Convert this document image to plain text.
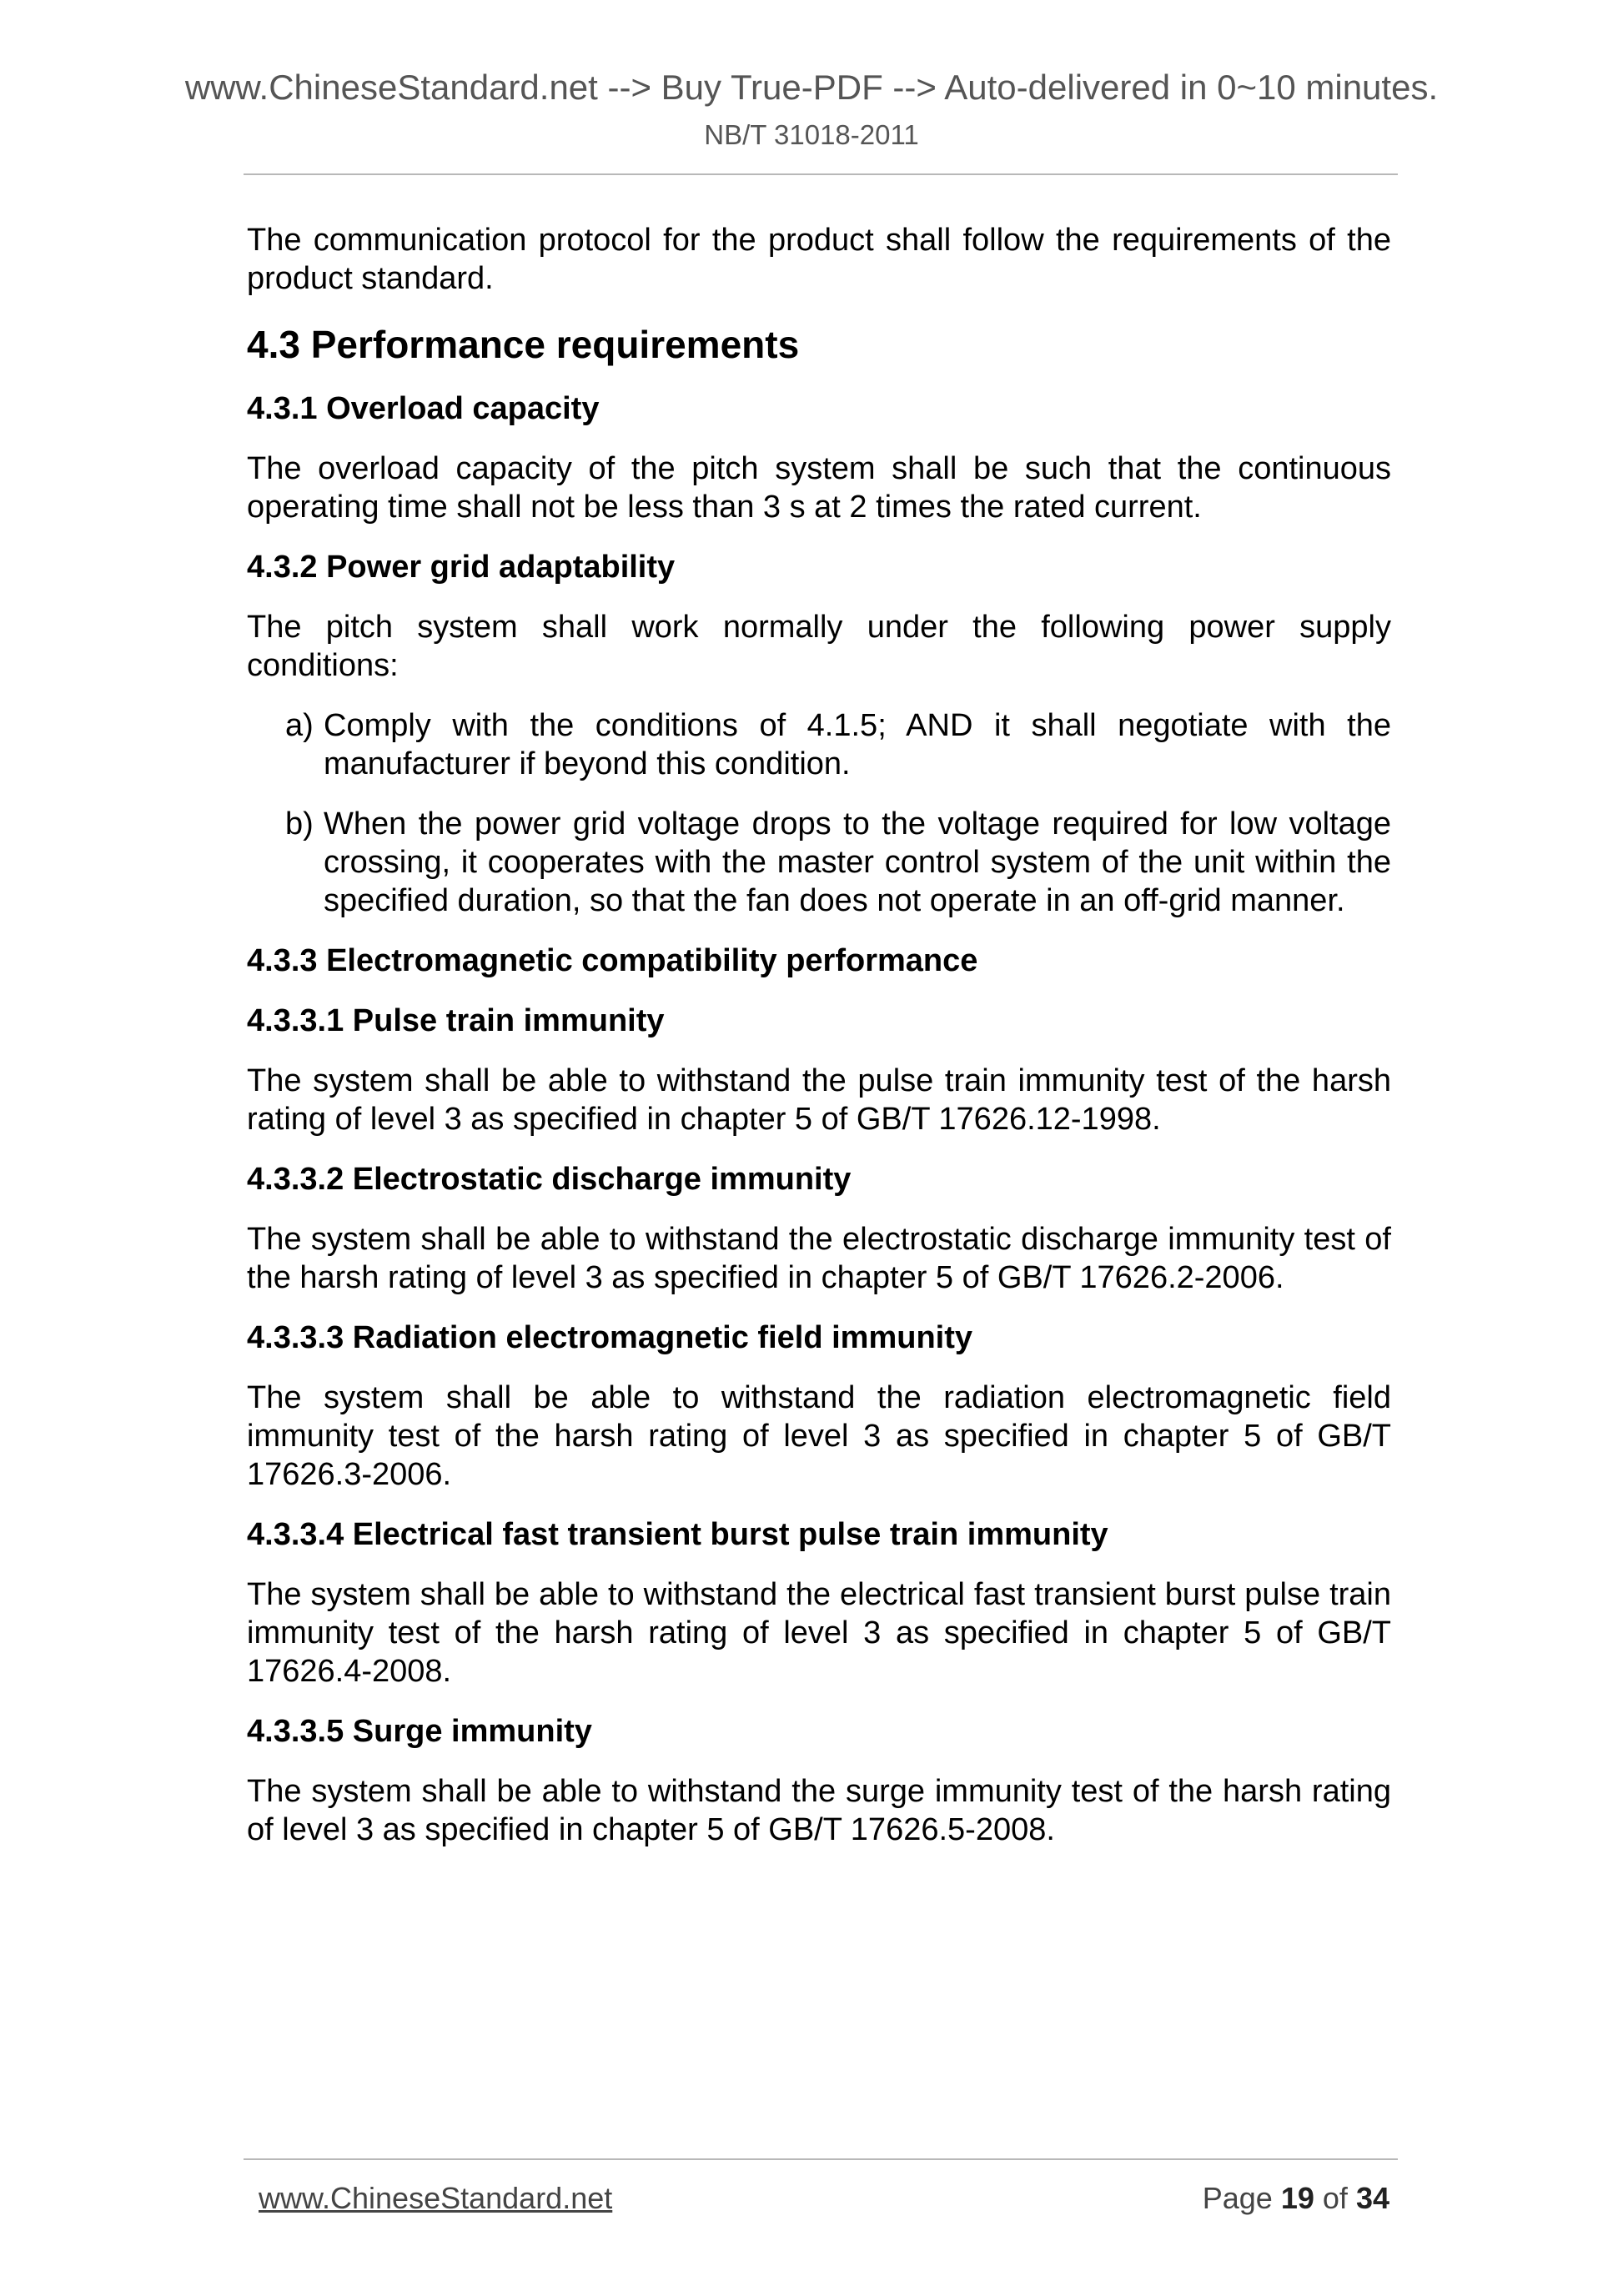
www.ChineseStandard.net --> Buy True-PDF --> Auto-delivered in 0~10 minutes.
NB/T 31018-2011

The communication protocol for the product shall follow the requirements of the product standard.

4.3 Performance requirements
4.3.1 Overload capacity

The overload capacity of the pitch system shall be such that the continuous operating time shall not be less than 3 s at 2 times the rated current.

4.3.2 Power grid adaptability

The pitch system shall work normally under the following power supply conditions:

a) Comply with the conditions of 4.1.5; AND it shall negotiate with the manufacturer if beyond this condition.
b) When the power grid voltage drops to the voltage required for low voltage crossing, it cooperates with the master control system of the unit within the specified duration, so that the fan does not operate in an off-grid manner.
4.3.3 Electromagnetic compatibility performance
4.3.3.1 Pulse train immunity

The system shall be able to withstand the pulse train immunity test of the harsh rating of level 3 as specified in chapter 5 of GB/T 17626.12-1998.

4.3.3.2 Electrostatic discharge immunity

The system shall be able to withstand the electrostatic discharge immunity test of the harsh rating of level 3 as specified in chapter 5 of GB/T 17626.2-2006.

4.3.3.3 Radiation electromagnetic field immunity

The system shall be able to withstand the radiation electromagnetic field immunity test of the harsh rating of level 3 as specified in chapter 5 of GB/T 17626.3-2006.

4.3.3.4 Electrical fast transient burst pulse train immunity

The system shall be able to withstand the electrical fast transient burst pulse train immunity test of the harsh rating of level 3 as specified in chapter 5 of GB/T 17626.4-2008.

4.3.3.5 Surge immunity

The system shall be able to withstand the surge immunity test of the harsh rating of level 3 as specified in chapter 5 of GB/T 17626.5-2008.

www.ChineseStandard.net	Page 19 of 34
